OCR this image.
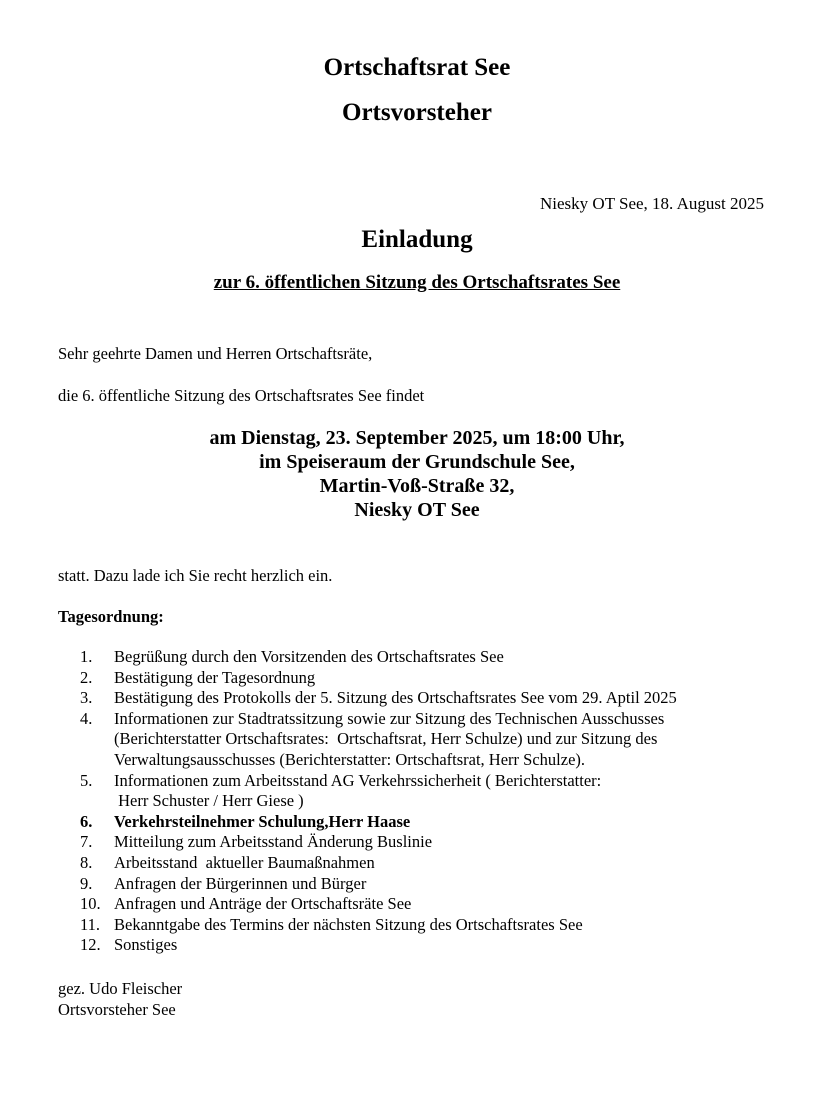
Ortschaftsrat See
Ortsvorsteher
Niesky OT See, 18. August 2025
Einladung
zur 6. öffentlichen Sitzung des Ortschaftsrates See
Sehr geehrte Damen und Herren Ortschaftsräte,
die 6. öffentliche Sitzung des Ortschaftsrates See findet
am Dienstag, 23. September 2025, um 18:00 Uhr,
im Speiseraum der Grundschule See,
Martin-Voß-Straße 32,
Niesky OT See
statt. Dazu lade ich Sie recht herzlich ein.
Tagesordnung:
1.	Begrüßung durch den Vorsitzenden des Ortschaftsrates See
2.	Bestätigung der Tagesordnung
3.	Bestätigung des Protokolls der 5. Sitzung des Ortschaftsrates See vom 29. Aptil 2025
4.	Informationen zur Stadtratssitzung sowie zur Sitzung des Technischen Ausschusses (Berichterstatter Ortschaftsrates:  Ortschaftsrat, Herr Schulze) und zur Sitzung des Verwaltungsausschusses (Berichterstatter: Ortschaftsrat, Herr Schulze).
5.	Informationen zum Arbeitsstand AG Verkehrssicherheit ( Berichterstatter:
Herr Schuster / Herr Giese )
6.	Verkehrsteilnehmer Schulung,Herr Haase
7.	Mitteilung zum Arbeitsstand Änderung Buslinie
8.	Arbeitsstand  aktueller Baumaßnahmen
9.	Anfragen der Bürgerinnen und Bürger
10. Anfragen und Anträge der Ortschaftsräte See
11. Bekanntgabe des Termins der nächsten Sitzung des Ortschaftsrates See
12. Sonstiges
gez. Udo Fleischer
Ortsvorsteher See
